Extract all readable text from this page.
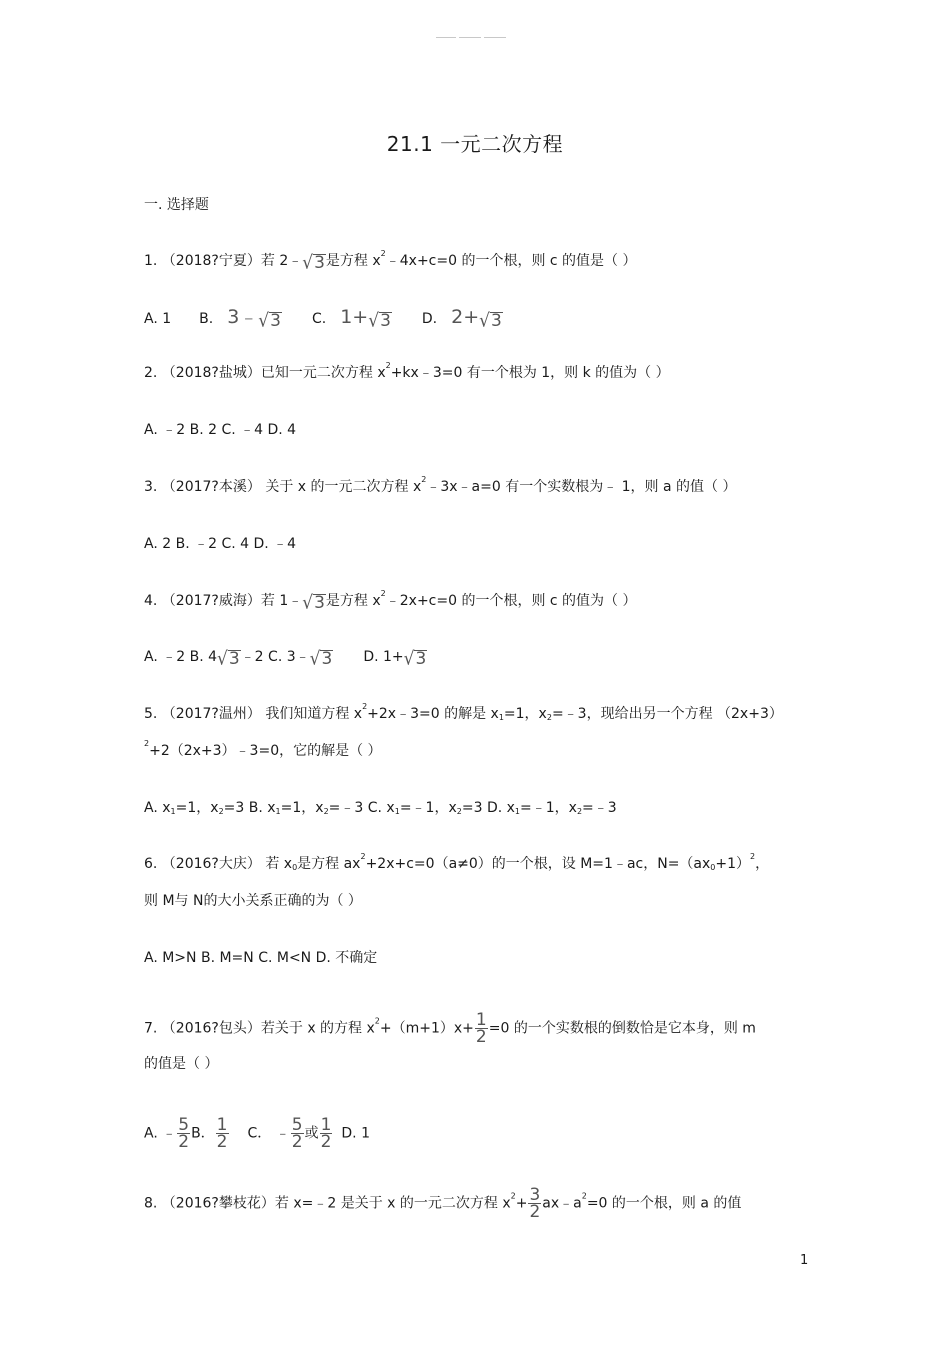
21.1 一元二次方程
一. 选择题
1. （2018?宁夏）若 2﹣√3是方程 $x^2﹣4x+c=0$ 的一个根，则 c 的值是（ ）
A. 1 B. 3﹣√3 C. 1+√3 D. 2+√3
2. （2018?盐城）已知一元二次方程 $x^2+kx﹣3=0$ 有一个根为 1，则 k 的值为（ ）
A. ﹣2 B. 2 C. ﹣4 D. 4
3. （2017?本溪） 关于 x 的一元二次方程 $x^2﹣3x﹣a=0$ 有一个实数根为﹣ 1，则 a 的值（ ）
A. 2 B. ﹣2 C. 4 D. ﹣4
4. （2017?威海）若 1﹣√3是方程 $x^2﹣2x+c=0$ 的一个根，则 c 的值为（ ）
A. ﹣2 B. 4√3﹣2 C. 3﹣√3 D. 1+√3
5. （2017?温州） 我们知道方程 $x^2+2x﹣3=0$ 的解是 $x_1=1$，$x_2=﹣3$，现给出另一个方程 （2x+3）
$^2$+2（2x+3）﹣3=0，它的解是（ ）
A. $x_1=1$，$x_2=3$ B. $x_1=1$，$x_2=﹣3$ C. $x_1=﹣1$，$x_2=3$ D. $x_1=﹣1$，$x_2=﹣3$
6. （2016?大庆） 若 $x_0$是方程 $ax^2+2x+c=0(a\ne 0)$的一个根，设 M=1﹣ac，$N=(ax_0+1)^2$，
则 M与 N的大小关系正确的为（ ）
A. M>N B. M=N C. M<N D. 不确定
7. （2016?包头）若关于 x 的方程 $x^2+(m+1)x+ \frac{1}{2} =0$ 的一个实数根的倒数恰是它本身，则 m
的值是（ ）
A. ﹣ $\frac{5}{2}$ B． $\frac{1}{2}$ C． ﹣ $\frac{5}{2}$ 或 $\frac{1}{2} D$. 1
8. （2016?攀枝花）若 x=﹣2 是关于 x 的一元二次方程 $x^2+ \frac{3}{2}$ $ax﹣a^2=0$ 的一个根，则 a 的值
1
